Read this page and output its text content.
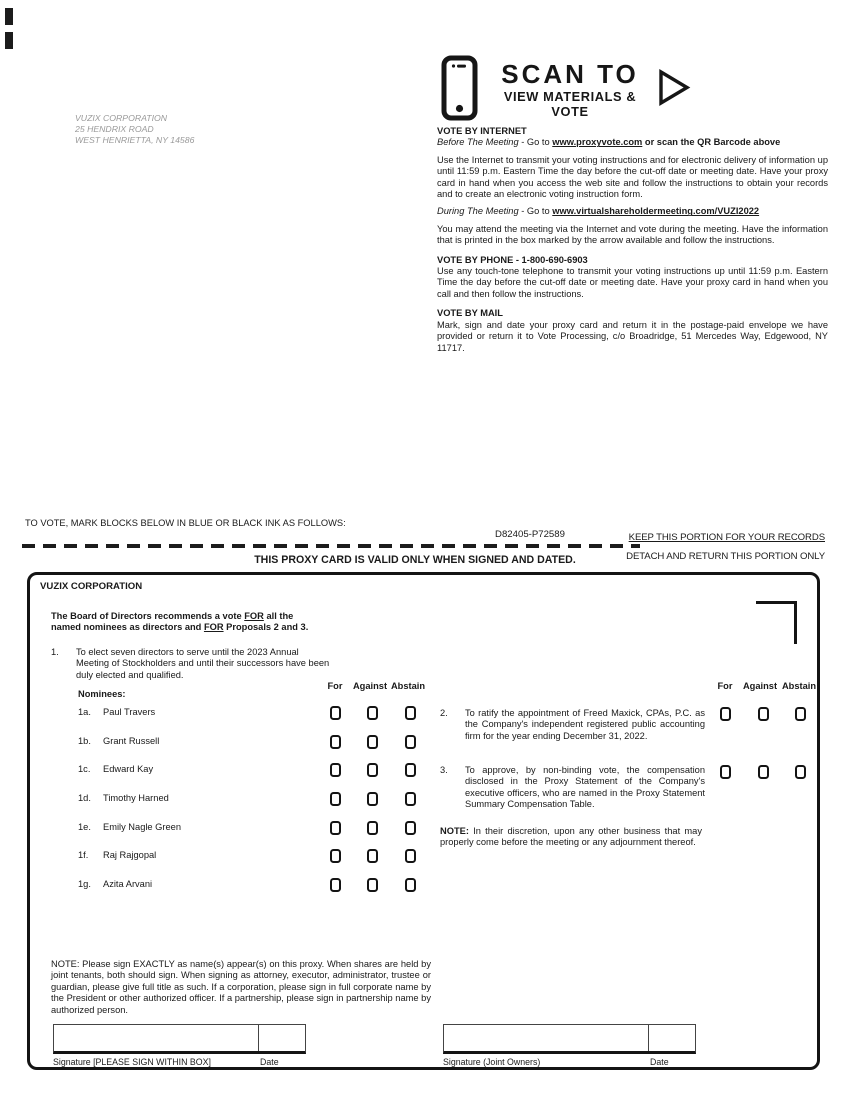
VUZIX CORPORATION
25 HENDRIX ROAD
WEST HENRIETTA, NY 14586
SCAN TO
VIEW MATERIALS & VOTE
VOTE BY INTERNET
Before The Meeting - Go to www.proxyvote.com or scan the QR Barcode above
Use the Internet to transmit your voting instructions and for electronic delivery of information up until 11:59 p.m. Eastern Time the day before the cut-off date or meeting date. Have your proxy card in hand when you access the web site and follow the instructions to obtain your records and to create an electronic voting instruction form.
During The Meeting - Go to www.virtualshareholdermeeting.com/VUZI2022
You may attend the meeting via the Internet and vote during the meeting. Have the information that is printed in the box marked by the arrow available and follow the instructions.
VOTE BY PHONE - 1-800-690-6903
Use any touch-tone telephone to transmit your voting instructions up until 11:59 p.m. Eastern Time the day before the cut-off date or meeting date. Have your proxy card in hand when you call and then follow the instructions.
VOTE BY MAIL
Mark, sign and date your proxy card and return it in the postage-paid envelope we have provided or return it to Vote Processing, c/o Broadridge, 51 Mercedes Way, Edgewood, NY 11717.
TO VOTE, MARK BLOCKS BELOW IN BLUE OR BLACK INK AS FOLLOWS:
D82405-P72589	KEEP THIS PORTION FOR YOUR RECORDS
THIS PROXY CARD IS VALID ONLY WHEN SIGNED AND DATED.	DETACH AND RETURN THIS PORTION ONLY
VUZIX CORPORATION
The Board of Directors recommends a vote FOR all the named nominees as directors and FOR Proposals 2 and 3.
1. To elect seven directors to serve until the 2023 Annual Meeting of Stockholders and until their successors have been duly elected and qualified.
Nominees:
For	Against Abstain	For	Against Abstain
1a. Paul Travers
1b. Grant Russell
1c. Edward Kay
1d. Timothy Harned
1e. Emily Nagle Green
1f. Raj Rajgopal
1g. Azita Arvani
2. To ratify the appointment of Freed Maxick, CPAs, P.C. as the Company's independent registered public accounting firm for the year ending December 31, 2022.
3. To approve, by non-binding vote, the compensation disclosed in the Proxy Statement of the Company's executive officers, who are named in the Proxy Statement Summary Compensation Table.
NOTE: In their discretion, upon any other business that may properly come before the meeting or any adjournment thereof.
NOTE: Please sign EXACTLY as name(s) appear(s) on this proxy. When shares are held by joint tenants, both should sign. When signing as attorney, executor, administrator, trustee or guardian, please give full title as such. If a corporation, please sign in full corporate name by the President or other authorized officer. If a partnership, please sign in partnership name by authorized person.
Signature [PLEASE SIGN WITHIN BOX]	Date	Signature (Joint Owners)	Date
